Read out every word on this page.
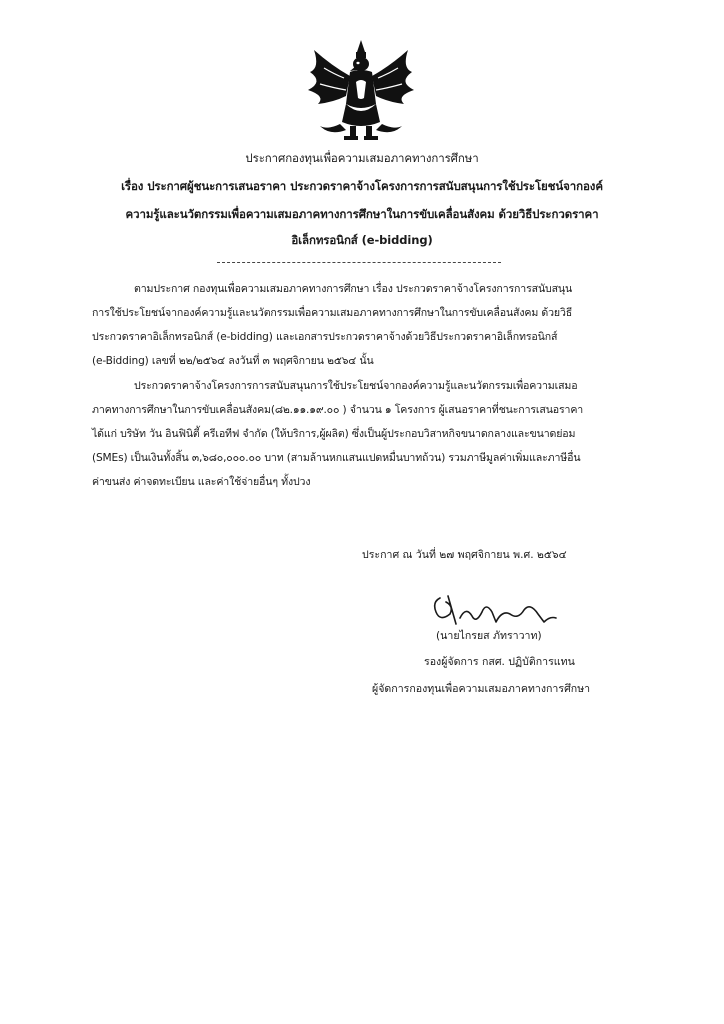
ประกาศกองทุนเพื่อความเสมอภาคทางการศึกษา
เรื่อง ประกาศผู้ชนะการเสนอราคา ประกวดราคาจ้างโครงการการสนับสนุนการใช้ประโยชน์จากองค์
ความรู้และนวัตกรรมเพื่อความเสมอภาคทางการศึกษาในการขับเคลื่อนสังคม ด้วยวิธีประกวดราคา
อิเล็กทรอนิกส์ (e-bidding)
ตามประกาศ กองทุนเพื่อความเสมอภาคทางการศึกษา เรื่อง ประกวดราคาจ้างโครงการการสนับสนุน
การใช้ประโยชน์จากองค์ความรู้และนวัตกรรมเพื่อความเสมอภาคทางการศึกษาในการขับเคลื่อนสังคม ด้วยวิธี
ประกวดราคาอิเล็กทรอนิกส์ (e-bidding) และเอกสารประกวดราคาจ้างด้วยวิธีประกวดราคาอิเล็กทรอนิกส์
(e-Bidding) เลขที่ ๒๒/๒๕๖๔ ลงวันที่ ๓ พฤศจิกายน ๒๕๖๔ นั้น
ประกวดราคาจ้างโครงการการสนับสนุนการใช้ประโยชน์จากองค์ความรู้และนวัตกรรมเพื่อความเสมอ
ภาคทางการศึกษาในการขับเคลื่อนสังคม(๘๒.๑๑.๑๙.๐๐ ) จำนวน ๑ โครงการ ผู้เสนอราคาที่ชนะการเสนอราคา
ได้แก่ บริษัท วัน อินฟินิตี้ ครีเอทีฟ จำกัด (ให้บริการ,ผู้ผลิต) ซึ่งเป็นผู้ประกอบวิสาหกิจขนาดกลางและขนาดย่อม
(SMEs) เป็นเงินทั้งสิ้น ๓,๖๘๐,๐๐๐.๐๐ บาท (สามล้านหกแสนแปดหมื่นบาทถ้วน) รวมภาษีมูลค่าเพิ่มและภาษีอื่น
ค่าขนส่ง ค่าจดทะเบียน และค่าใช้จ่ายอื่นๆ ทั้งปวง
ประกาศ ณ วันที่ ๒๗ พฤศจิกายน พ.ศ. ๒๕๖๔
(นายไกรยส ภัทราวาท)
รองผู้จัดการ กสศ. ปฏิบัติการแทน
ผู้จัดการกองทุนเพื่อความเสมอภาคทางการศึกษา
